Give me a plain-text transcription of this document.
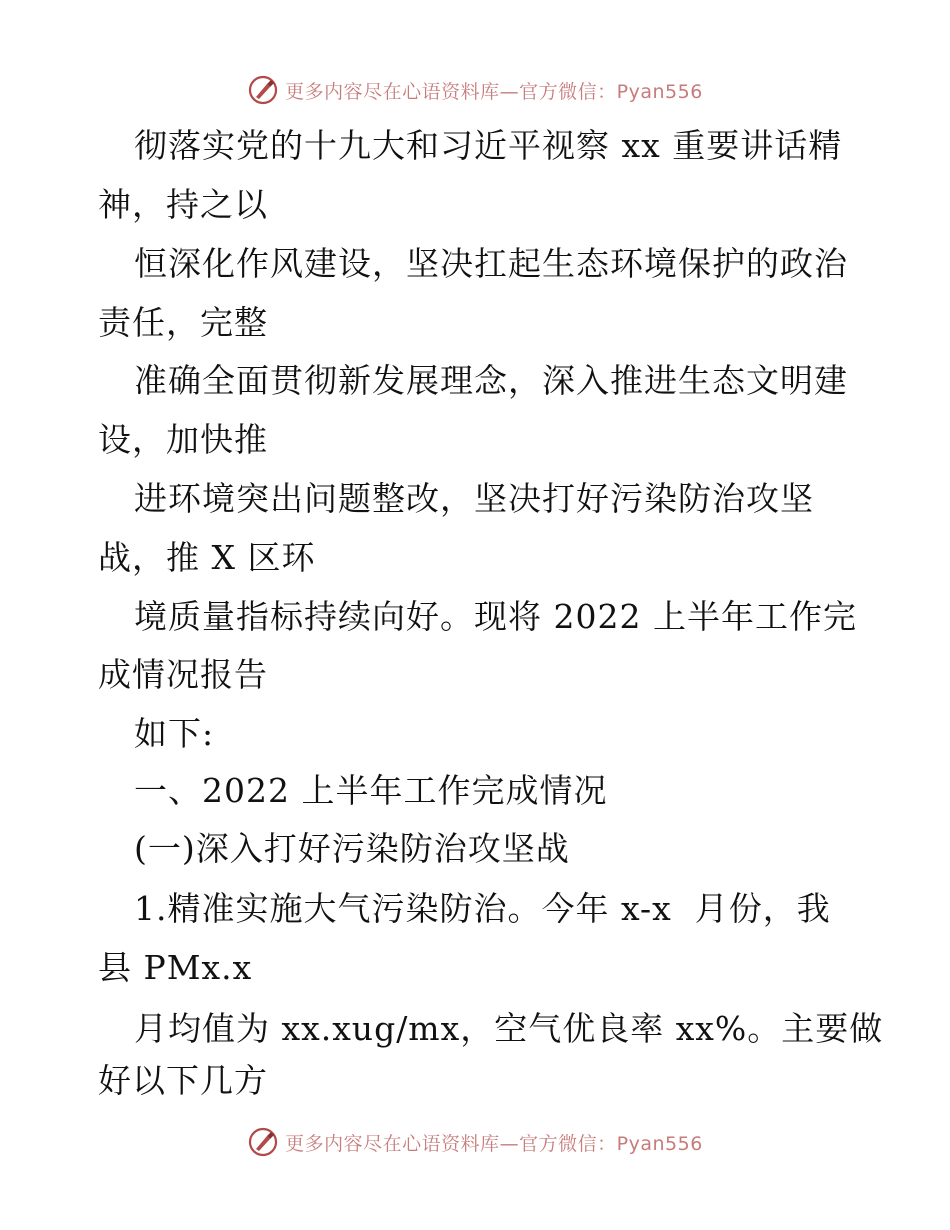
更多内容尽在心语资料库—官方微信：Pyan556
彻落实党的十九大和习近平视察 xx 重要讲话精
神，持之以
恒深化作风建设，坚决扛起生态环境保护的政治
责任，完整
准确全面贯彻新发展理念，深入推进生态文明建
设，加快推
进环境突出问题整改，坚决打好污染防治攻坚
战，推 X 区环
境质量指标持续向好。现将 2022 上半年工作完
成情况报告
如下:
一、2022 上半年工作完成情况
(一)深入打好污染防治攻坚战
1.精准实施大气污染防治。今年 x-x  月份，我
县 PMx.x
月均值为 xx.xug/mx，空气优良率 xx%。主要做
好以下几方
更多内容尽在心语资料库—官方微信：Pyan556
